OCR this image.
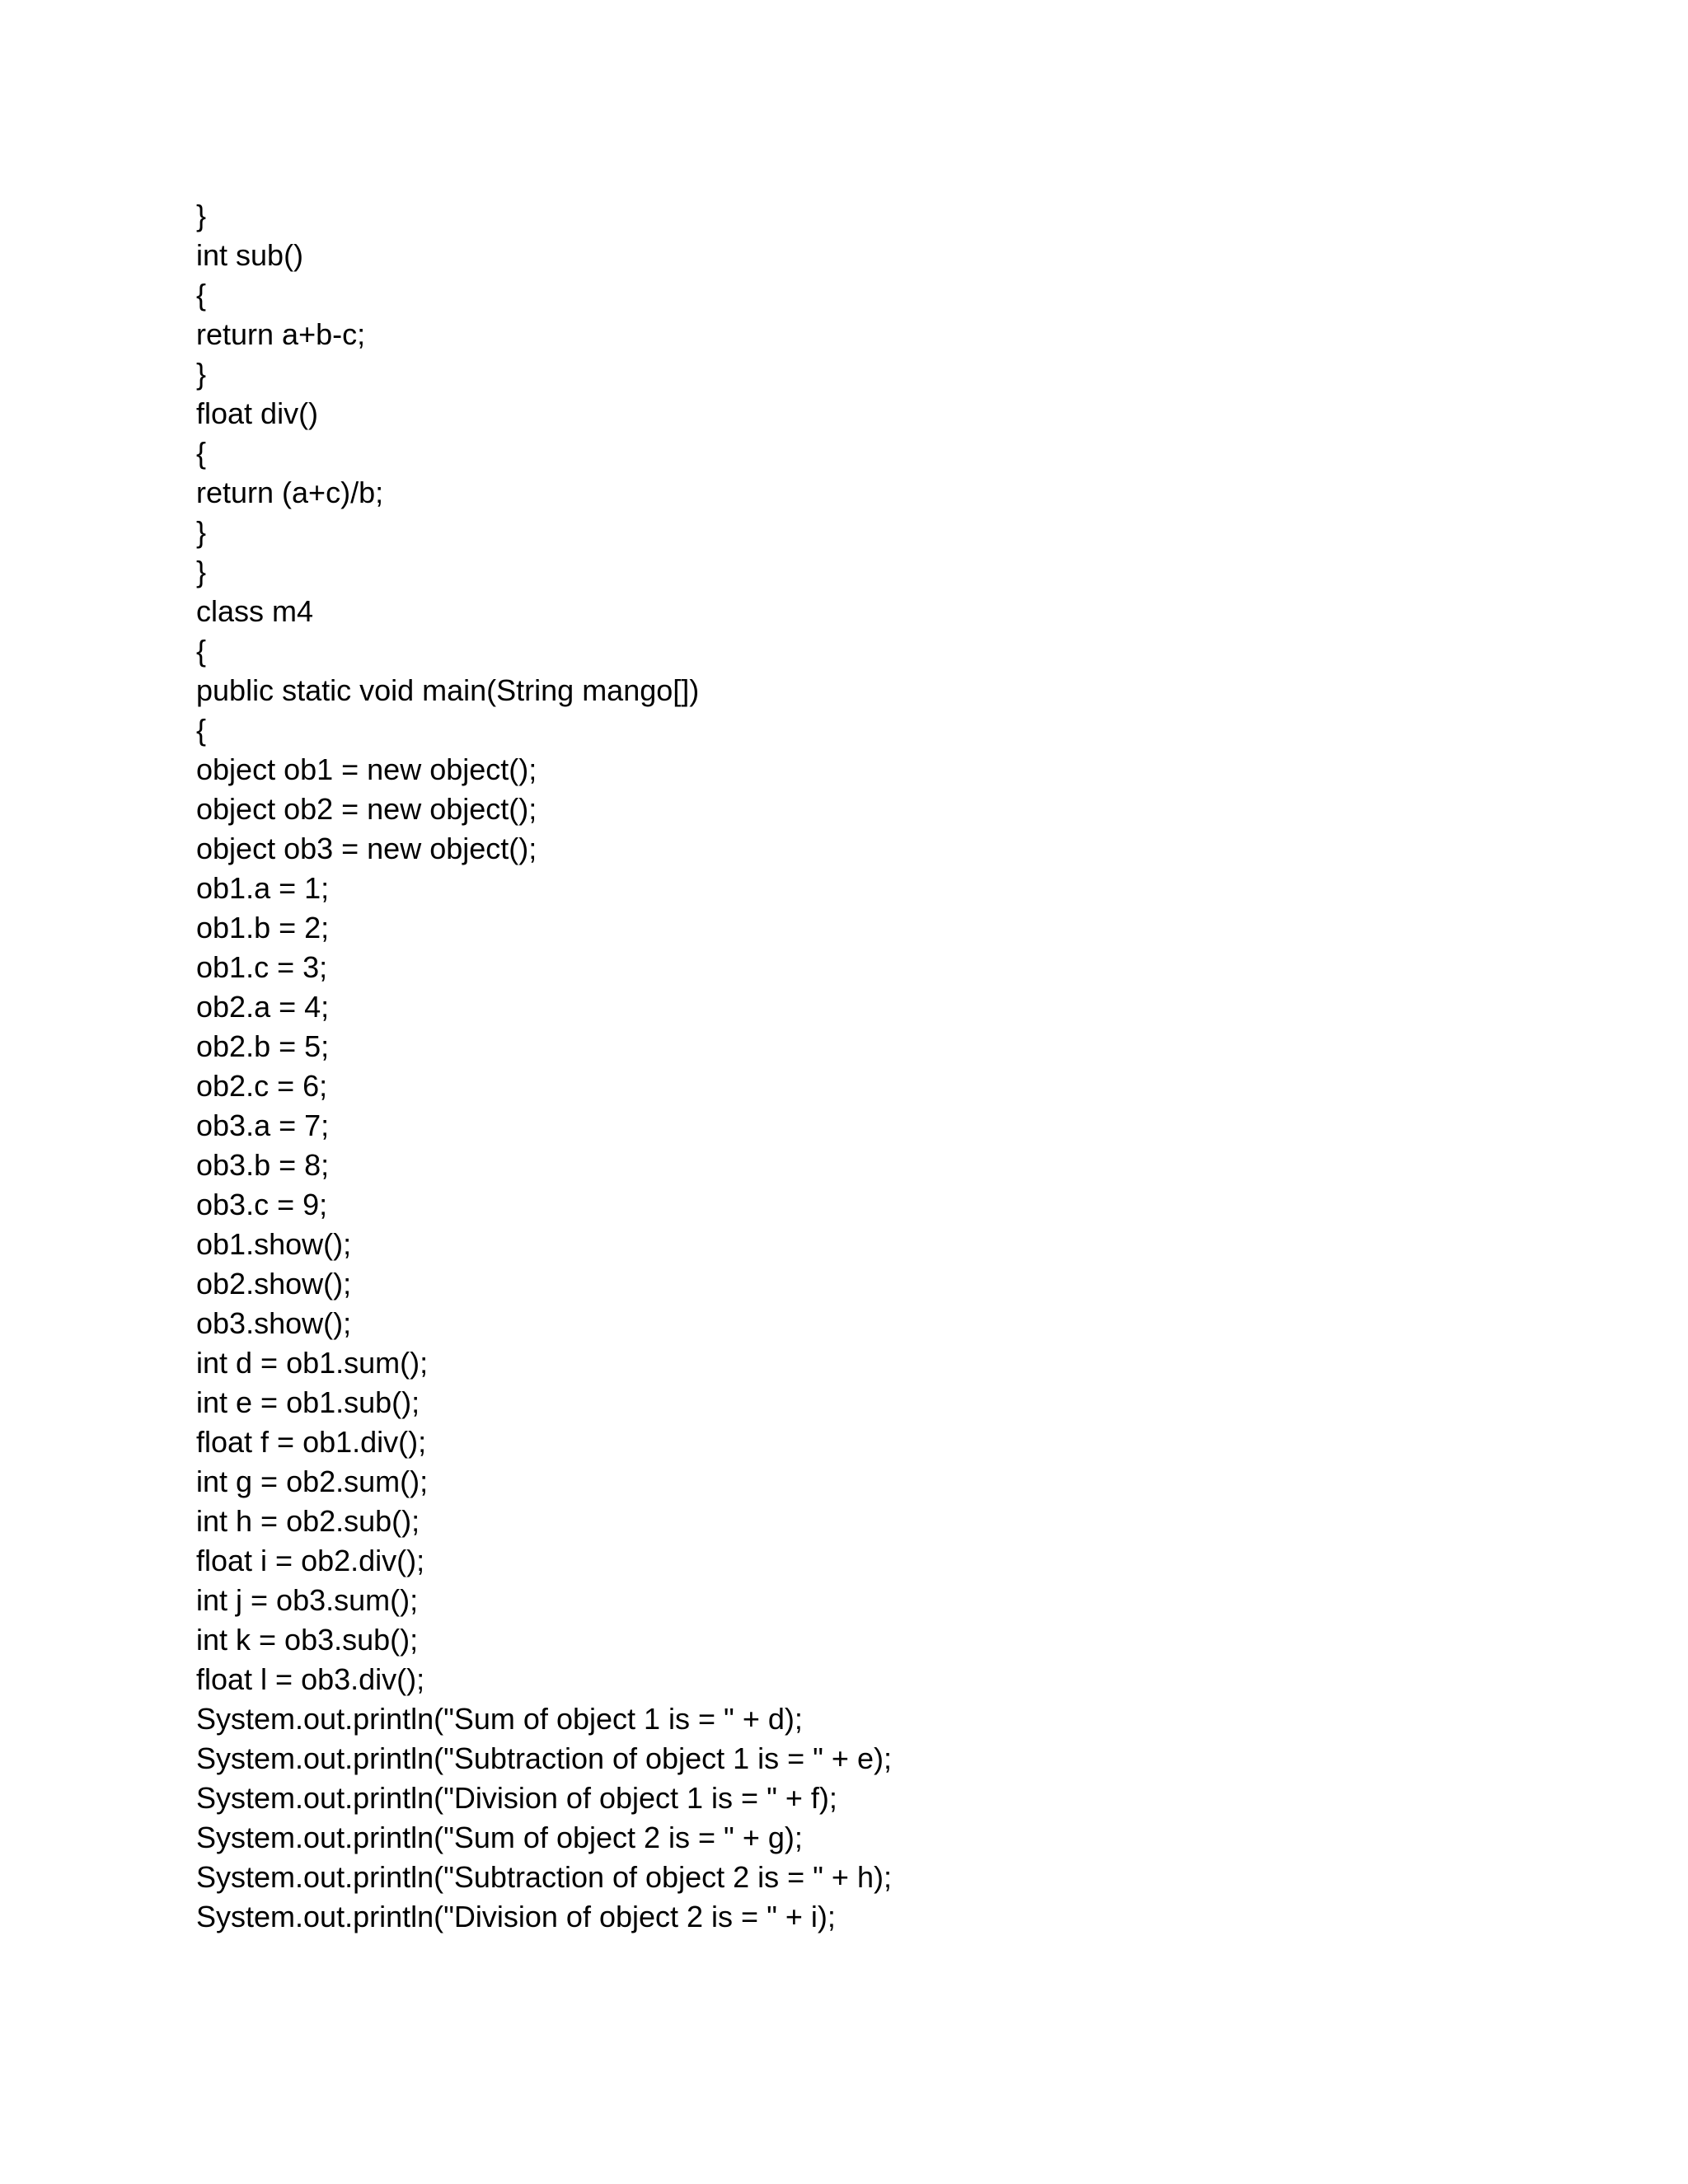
}
int sub()
{
return a+b-c;
}
float div()
{
return (a+c)/b;
}
}
class m4
{
public static void main(String mango[])
{
object ob1 = new object();
object ob2 = new object();
object ob3 = new object();
ob1.a = 1;
ob1.b = 2;
ob1.c = 3;
ob2.a = 4;
ob2.b = 5;
ob2.c = 6;
ob3.a = 7;
ob3.b = 8;
ob3.c = 9;
ob1.show();
ob2.show();
ob3.show();
int d = ob1.sum();
int e = ob1.sub();
float f = ob1.div();
int g = ob2.sum();
int h = ob2.sub();
float i = ob2.div();
int j = ob3.sum();
int k = ob3.sub();
float l = ob3.div();
System.out.println("Sum of object 1 is = " + d);
System.out.println("Subtraction of object 1 is = " + e);
System.out.println("Division of object 1 is = " + f);
System.out.println("Sum of object 2 is = " + g);
System.out.println("Subtraction of object 2 is = " + h);
System.out.println("Division of object 2 is = " + i);
